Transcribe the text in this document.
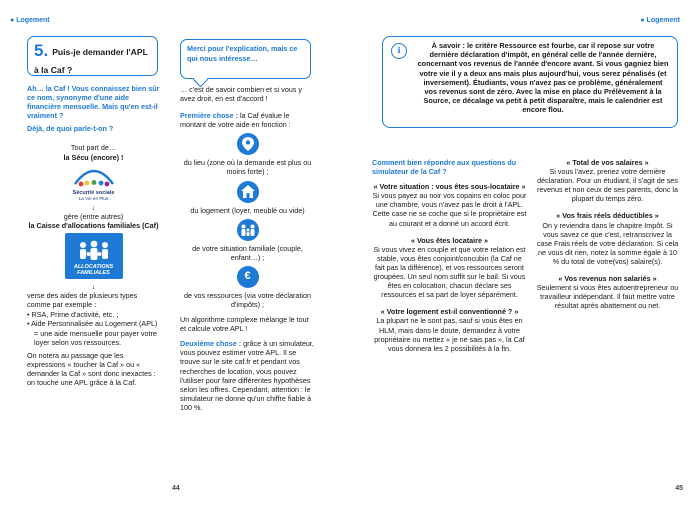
● Logement
5. Puis-je demander l'APL à la Caf ?

Ah… la Caf ! Vous connaissez bien sûr ce nom, synonyme d'une aide financière mensuelle. Mais qu'en est-il vraiment ?

Déjà, de quoi parle-t-on ?

Tout part de…
la Sécu (encore) !
Sécurité sociale
La Vie en Plus
↓
gère (entre autres)
la Caisse d'allocations familiales (Caf)
ALLOCATIONS
FAMILIALES
↓

verse des aides de plusieurs types comme par exemple :

• RSA, Prime d'activité, etc. ;
• Aide Personnalisée au Logement (APL) = une aide mensuelle pour payer votre loyer selon vos ressources.

On notera au passage que les expressions « toucher la Caf » ou « demander la Caf » sont donc inexactes : on touche une APL grâce à la Caf.

Merci pour l'explication, mais ce qui nous intéresse…

… c'est de savoir combien et si vous y avez droit, en est d'accord !

Première chose : la Caf évalue le montant de votre aide en fonction :

du lieu (zone où la demande est plus ou moins forte) ;

du logement (loyer, meublé ou vide)

de votre situation familiale (couple, enfant…) ;

€

de vos ressources (via votre déclaration d'impôts) ;

Un algorithme complexe mélange le tout et calcule votre APL !

Deuxième chose : grâce à un simulateur, vous pouvez estimer votre APL. Il se trouve sur le site caf.fr et pendant vos recherches de location, vous pouvez l'utiliser pour faire différentes hypothèses selon les offres. Cependant, attention : le simulateur ne donne qu'un chiffre fiable à 100 %.

44
● Logement
i	À savoir : le critère Ressource est fourbe, car il repose sur votre dernière déclaration d'impôt, en général celle de l'année dernière, concernant vos revenus de l'année d'encore avant. Si vous gagniez bien votre vie il y a deux ans mais plus aujourd'hui, vous serez pénalisés (et inversement). Étudiants, vous n'avez pas ce problème, généralement vos revenus sont de zéro. Avec la mise en place du Prélèvement à la Source, ce décalage va petit à petit disparaître, mais le calendrier est encore flou.

Comment bien répondre aux questions du simulateur de la Caf ?

« Votre situation : vous êtes sous-locataire »

Si vous payez au noir vos copains en coloc pour une chambre, vous n'avez pas le droit à l'APL. Cette case ne se coche que si le propriétaire est au courant et a donné un accord écrit.

« Vous êtes locataire »

Si vous vivez en couple et que votre relation est stable, vous êtes conjoint/concubin (la Caf ne fait pas la différence), et vos ressources seront groupées. Un seul nom suffit sur le bail. Si vous êtes en colocation, chacun déclare ses ressources et sa part de loyer séparément.

« Votre logement est-il conventionné ? »

La plupart ne le sont pas, sauf si vous êtes en HLM, mais dans le doute, demandez à votre propriétaire ou mettez « je ne sais pas », la Caf vous donnera les 2 possibilités à la fin.

« Total de vos salaires »

Si vous l'avez, prenez votre dernière déclaration. Pour un étudiant, il s'agit de ses revenus et non ceux de ses parents, donc la plupart du temps zéro.

« Vos frais réels déductibles »

On y reviendra dans le chapitre Impôt. Si vous savez ce que c'est, retranscrivez la case Frais réels de votre déclaration. Si cela ne vous dit rien, notez la somme égale à 10 % du total de votre(vos) salaire(s).

« Vos revenus non salariés »

Seulement si vous êtes autoentrepreneur ou travailleur indépendant. Il faut mettre votre résultat après abattement ou net.

45
